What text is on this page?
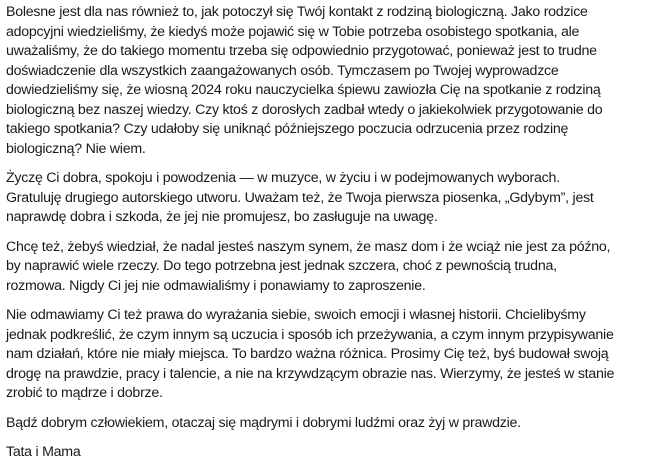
Bolesne jest dla nas również to, jak potoczył się Twój kontakt z rodziną biologiczną. Jako rodzice
adopcyjni wiedzieliśmy, że kiedyś może pojawić się w Tobie potrzeba osobistego spotkania, ale
uważaliśmy, że do takiego momentu trzeba się odpowiednio przygotować, ponieważ jest to trudne
doświadczenie dla wszystkich zaangażowanych osób. Tymczasem po Twojej wyprowadzce
dowiedzieliśmy się, że wiosną 2024 roku nauczycielka śpiewu zawiozła Cię na spotkanie z rodziną
biologiczną bez naszej wiedzy. Czy ktoś z dorosłych zadbał wtedy o jakiekolwiek przygotowanie do
takiego spotkania? Czy udałoby się uniknąć późniejszego poczucia odrzucenia przez rodzinę
biologiczną? Nie wiem.

Życzę Ci dobra, spokoju i powodzenia — w muzyce, w życiu i w podejmowanych wyborach.
Gratuluję drugiego autorskiego utworu. Uważam też, że Twoja pierwsza piosenka, „Gdybym”, jest
naprawdę dobra i szkoda, że jej nie promujesz, bo zasługuje na uwagę.

Chcę też, żebyś wiedział, że nadal jesteś naszym synem, że masz dom i że wciąż nie jest za późno,
by naprawić wiele rzeczy. Do tego potrzebna jest jednak szczera, choć z pewnością trudna,
rozmowa. Nigdy Ci jej nie odmawialiśmy i ponawiamy to zaproszenie.

Nie odmawiamy Ci też prawa do wyrażania siebie, swoich emocji i własnej historii. Chcielibyśmy
jednak podkreślić, że czym innym są uczucia i sposób ich przeżywania, a czym innym przypisywanie
nam działań, które nie miały miejsca. To bardzo ważna różnica. Prosimy Cię też, byś budował swoją
drogę na prawdzie, pracy i talencie, a nie na krzywdzącym obrazie nas. Wierzymy, że jesteś w stanie
zrobić to mądrze i dobrze.

Bądź dobrym człowiekiem, otaczaj się mądrymi i dobrymi ludźmi oraz żyj w prawdzie.

Tata i Mama
